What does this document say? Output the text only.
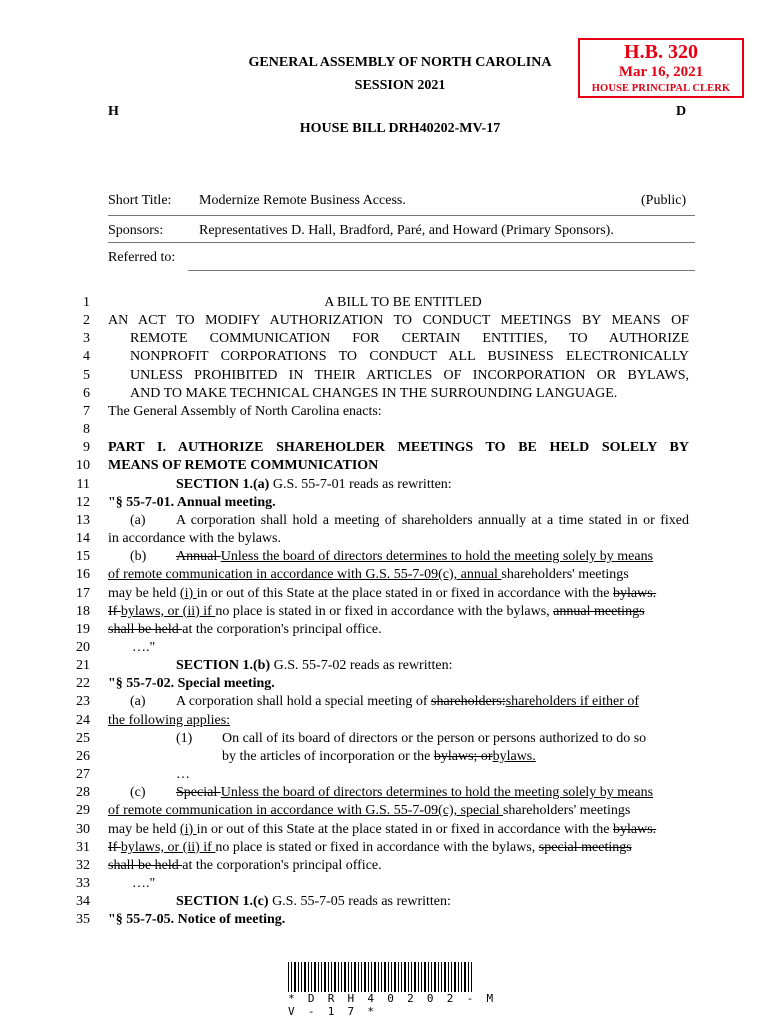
GENERAL ASSEMBLY OF NORTH CAROLINA
SESSION 2021
H	D
HOUSE BILL DRH40202-MV-17
H.B. 320
Mar 16, 2021
HOUSE PRINCIPAL CLERK
Short Title: Modernize Remote Business Access.	(Public)
Sponsors:	Representatives D. Hall, Bradford, Paré, and Howard (Primary Sponsors).
Referred to:
1	A BILL TO BE ENTITLED
2 AN ACT TO MODIFY AUTHORIZATION TO CONDUCT MEETINGS BY MEANS OF
3	REMOTE COMMUNICATION FOR CERTAIN ENTITIES, TO AUTHORIZE
4	NONPROFIT CORPORATIONS TO CONDUCT ALL BUSINESS ELECTRONICALLY
5	UNLESS PROHIBITED IN THEIR ARTICLES OF INCORPORATION OR BYLAWS,
6	AND TO MAKE TECHNICAL CHANGES IN THE SURROUNDING LANGUAGE.
7 The General Assembly of North Carolina enacts:
8
9 PART I. AUTHORIZE SHAREHOLDER MEETINGS TO BE HELD SOLELY BY
10 MEANS OF REMOTE COMMUNICATION
11	SECTION 1.(a) G.S. 55-7-01 reads as rewritten:
12 "§ 55-7-01. Annual meeting.
13	(a)	A corporation shall hold a meeting of shareholders annually at a time stated in or fixed
14 in accordance with the bylaws.
15	(b)	Annual Unless the board of directors determines to hold the meeting solely by means
16 of remote communication in accordance with G.S. 55-7-09(c), annual shareholders' meetings
17 may be held (i) in or out of this State at the place stated in or fixed in accordance with the bylaws.
18 If bylaws, or (ii) if no place is stated in or fixed in accordance with the bylaws, annual meetings
19 shall be held at the corporation's principal office.
20	…."
21	SECTION 1.(b) G.S. 55-7-02 reads as rewritten:
22 "§ 55-7-02. Special meeting.
23	(a)	A corporation shall hold a special meeting of shareholders:shareholders if either of
24 the following applies:
25	(1)	On call of its board of directors or the person or persons authorized to do so
26	by the articles of incorporation or the bylaws; orbylaws.
27	…
28	(c)	Special Unless the board of directors determines to hold the meeting solely by means
29 of remote communication in accordance with G.S. 55-7-09(c), special shareholders' meetings
30 may be held (i) in or out of this State at the place stated in or fixed in accordance with the bylaws.
31 If bylaws, or (ii) if no place is stated or fixed in accordance with the bylaws, special meetings
32 shall be held at the corporation's principal office.
33	…."
34	SECTION 1.(c) G.S. 55-7-05 reads as rewritten:
35 "§ 55-7-05. Notice of meeting.
* D R H 4 0 2 0 2 - M V - 1 7 *
